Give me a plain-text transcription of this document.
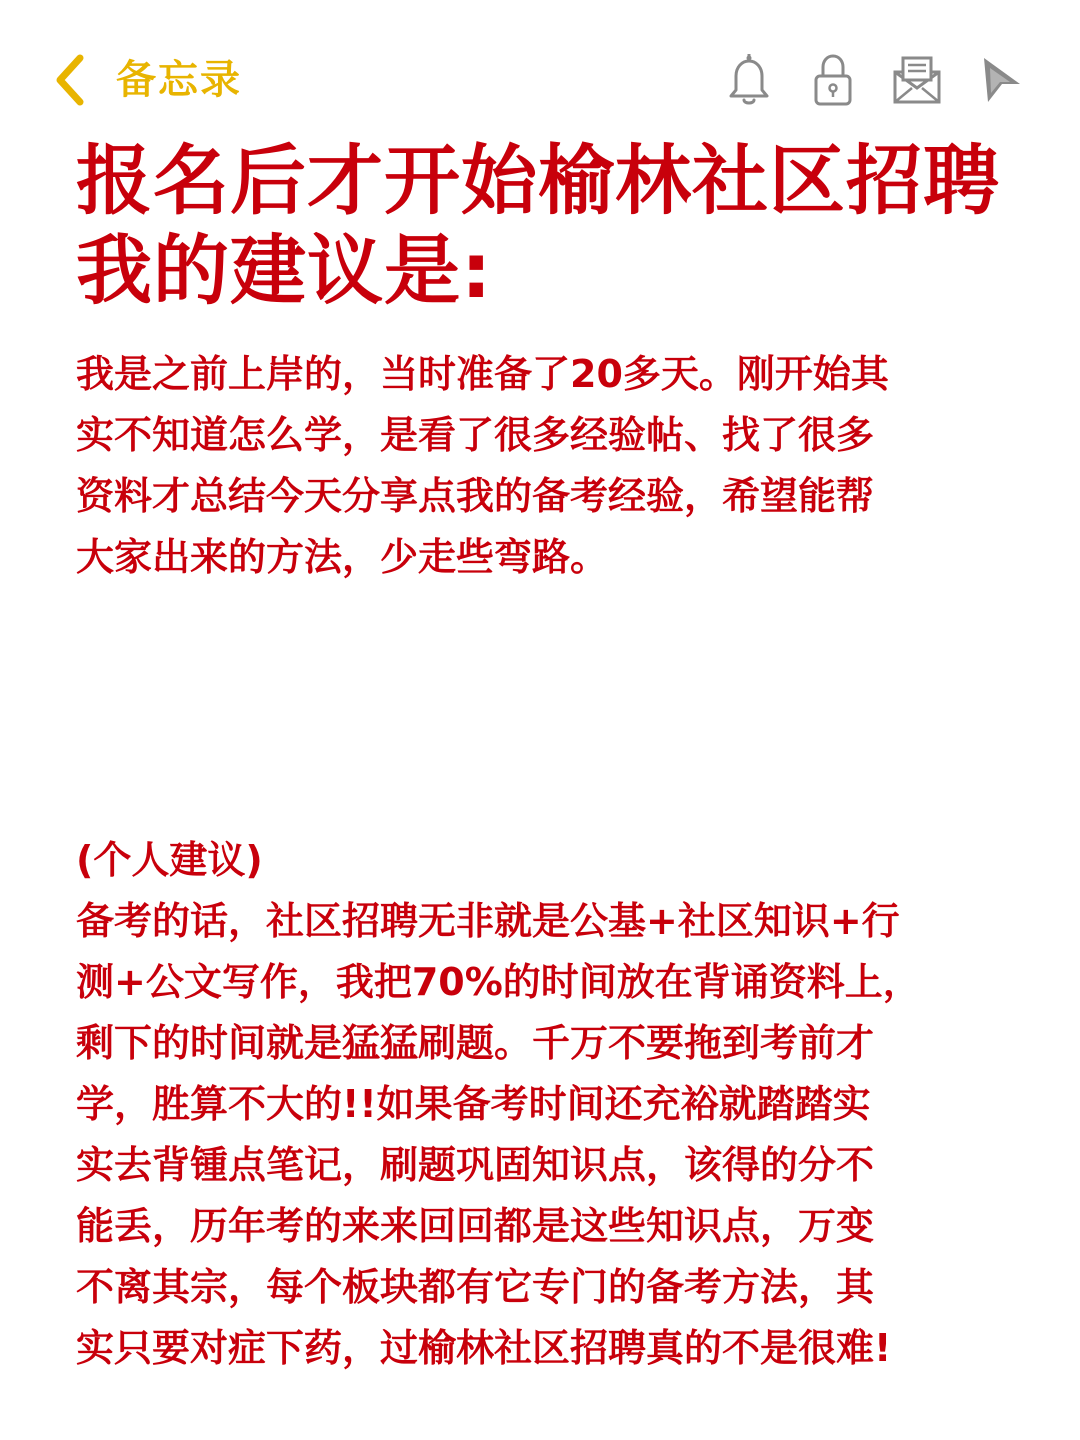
备忘录
报名后才开始榆林社区招聘
我的建议是:
我是之前上岸的，当时准备了20多天。刚开始其
实不知道怎么学，是看了很多经验帖、找了很多
资料才总结今天分享点我的备考经验，希望能帮
大家出来的方法，少走些弯路。
(个人建议)
备考的话，社区招聘无非就是公基+社区知识+行
测+公文写作，我把70%的时间放在背诵资料上，
剩下的时间就是猛猛刷题。千万不要拖到考前才
学，胜算不大的!!如果备考时间还充裕就踏踏实
实去背锺点笔记，刷题巩固知识点，该得的分不
能丢，历年考的来来回回都是这些知识点，万变
不离其宗，每个板块都有它专门的备考方法，其
实只要对症下药，过榆林社区招聘真的不是很难!
